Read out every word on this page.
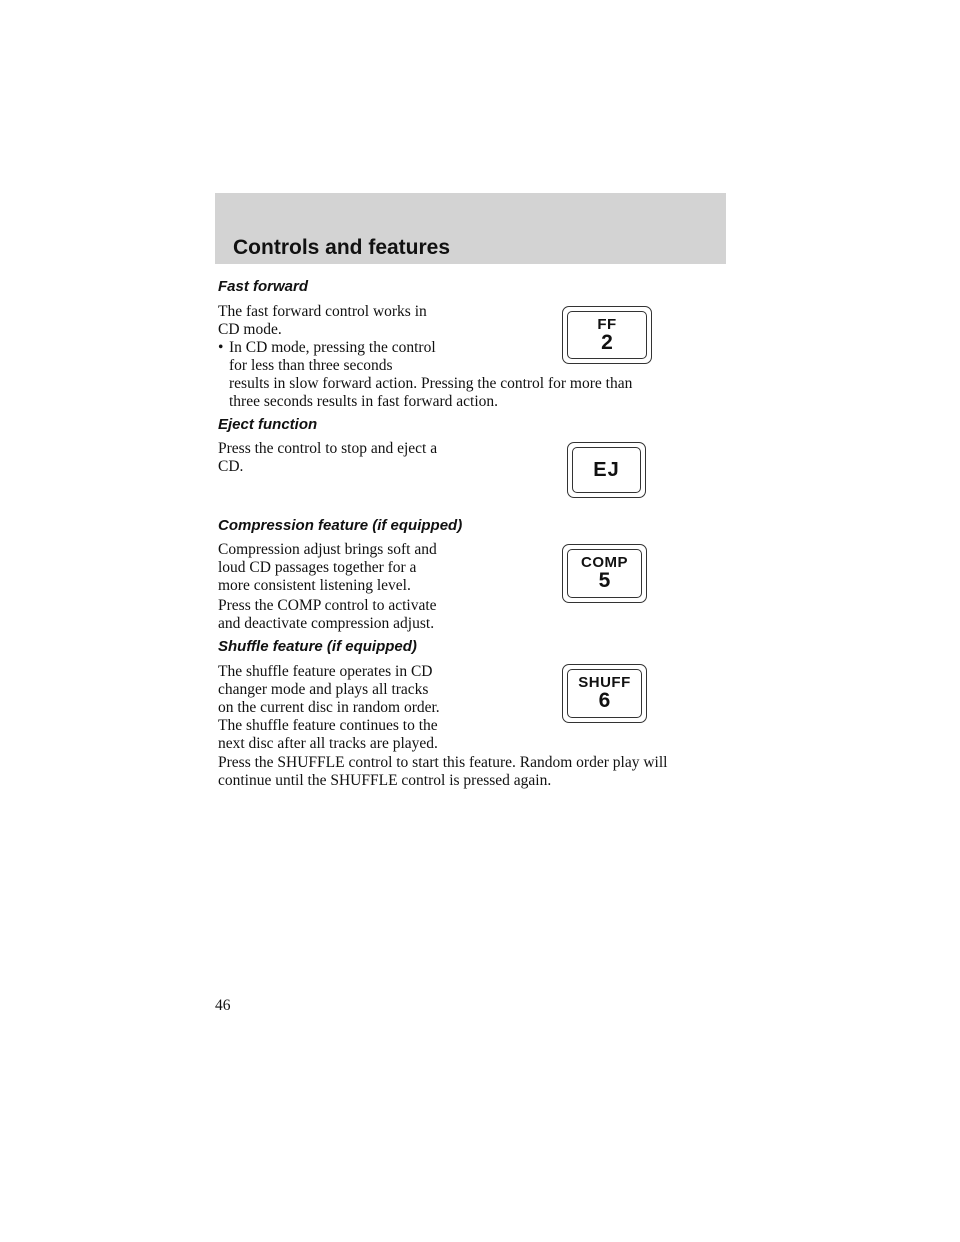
Controls and features
Fast forward
The fast forward control works in
CD mode.
• In CD mode, pressing the control
for less than three seconds
results in slow forward action. Pressing the control for more than
three seconds results in fast forward action.
FF
2
Eject function
Press the control to stop and eject a
CD.	EJ
Compression feature (if equipped)
Compression adjust brings soft and
loud CD passages together for a
more consistent listening level.
Press the COMP control to activate
and deactivate compression adjust.
COMP
5
Shuffle feature (if equipped)
The shuffle feature operates in CD
changer mode and plays all tracks
on the current disc in random order.
The shuffle feature continues to the
next disc after all tracks are played.
Press the SHUFFLE control to start this feature. Random order play will
continue until the SHUFFLE control is pressed again.
SHUFF
6
46
